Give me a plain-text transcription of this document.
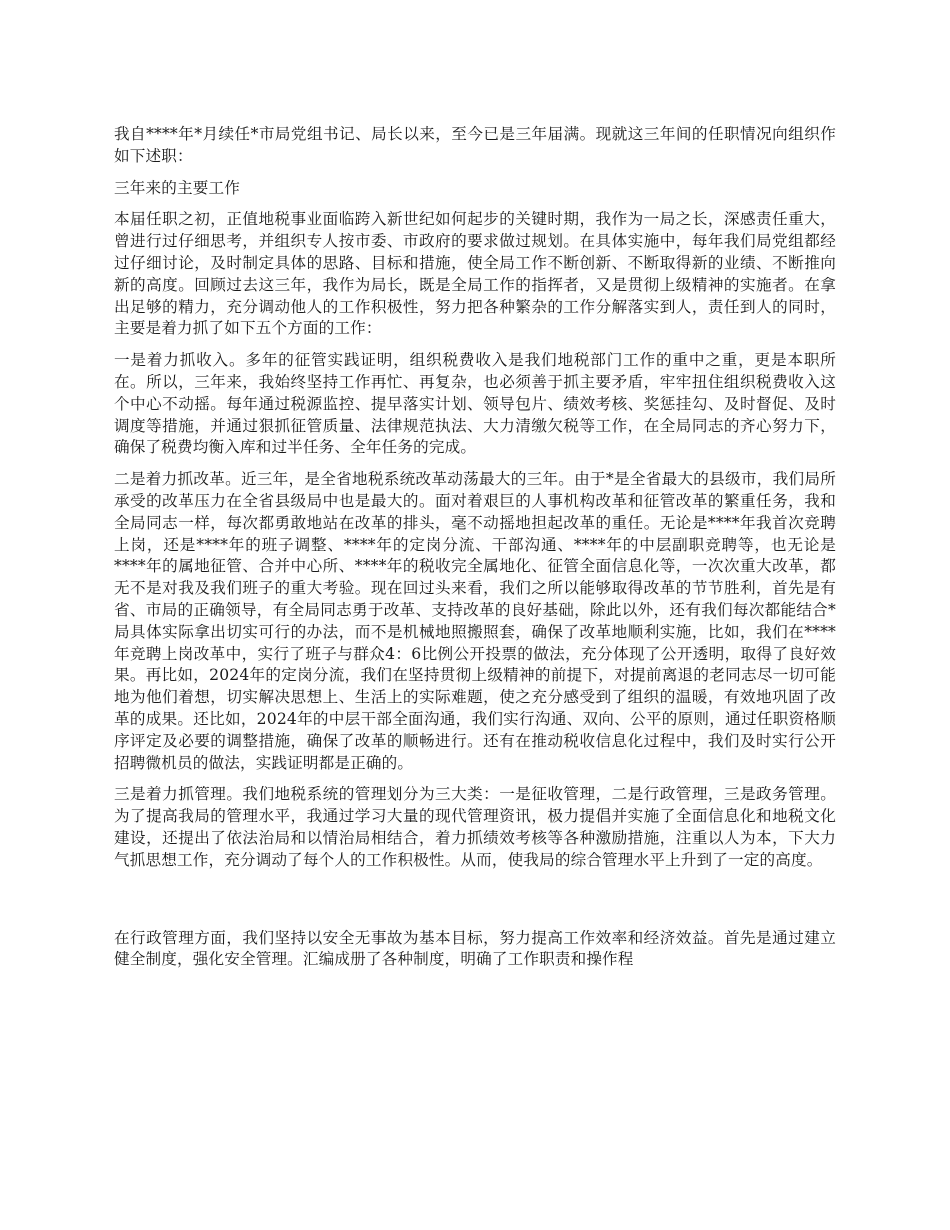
我自****年*月续任*市局党组书记、局长以来，至今已是三年届满。现就这三年间的任职情况向组织作如下述职：

三年来的主要工作

本届任职之初，正值地税事业面临跨入新世纪如何起步的关键时期，我作为一局之长，深感责任重大，曾进行过仔细思考，并组织专人按市委、市政府的要求做过规划。在具体实施中，每年我们局党组都经过仔细讨论，及时制定具体的思路、目标和措施，使全局工作不断创新、不断取得新的业绩、不断推向新的高度。回顾过去这三年，我作为局长，既是全局工作的指挥者，又是贯彻上级精神的实施者。在拿出足够的精力，充分调动他人的工作积极性，努力把各种繁杂的工作分解落实到人，责任到人的同时，主要是着力抓了如下五个方面的工作：

一是着力抓收入。多年的征管实践证明，组织税费收入是我们地税部门工作的重中之重，更是本职所在。所以，三年来，我始终坚持工作再忙、再复杂，也必须善于抓主要矛盾，牢牢扭住组织税费收入这个中心不动摇。每年通过税源监控、提早落实计划、领导包片、绩效考核、奖惩挂勾、及时督促、及时调度等措施，并通过狠抓征管质量、法律规范执法、大力清缴欠税等工作，在全局同志的齐心努力下，确保了税费均衡入库和过半任务、全年任务的完成。

二是着力抓改革。近三年，是全省地税系统改革动荡最大的三年。由于*是全省最大的县级市，我们局所承受的改革压力在全省县级局中也是最大的。面对着艰巨的人事机构改革和征管改革的繁重任务，我和全局同志一样，每次都勇敢地站在改革的排头，毫不动摇地担起改革的重任。无论是****年我首次竞聘上岗，还是****年的班子调整、****年的定岗分流、干部沟通、****年的中层副职竞聘等，也无论是****年的属地征管、合并中心所、****年的税收完全属地化、征管全面信息化等，一次次重大改革，都无不是对我及我们班子的重大考验。现在回过头来看，我们之所以能够取得改革的节节胜利，首先是有省、市局的正确领导，有全局同志勇于改革、支持改革的良好基础，除此以外，还有我们每次都能结合*局具体实际拿出切实可行的办法，而不是机械地照搬照套，确保了改革地顺利实施，比如，我们在****年竞聘上岗改革中，实行了班子与群众4：6比例公开投票的做法，充分体现了公开透明，取得了良好效果。再比如，2024年的定岗分流，我们在坚持贯彻上级精神的前提下，对提前离退的老同志尽一切可能地为他们着想，切实解决思想上、生活上的实际难题，使之充分感受到了组织的温暖，有效地巩固了改革的成果。还比如，2024年的中层干部全面沟通，我们实行沟通、双向、公平的原则，通过任职资格顺序评定及必要的调整措施，确保了改革的顺畅进行。还有在推动税收信息化过程中，我们及时实行公开招聘微机员的做法，实践证明都是正确的。

三是着力抓管理。我们地税系统的管理划分为三大类：一是征收管理，二是行政管理，三是政务管理。为了提高我局的管理水平，我通过学习大量的现代管理资讯，极力提倡并实施了全面信息化和地税文化建设，还提出了依法治局和以情治局相结合，着力抓绩效考核等各种激励措施，注重以人为本，下大力气抓思想工作，充分调动了每个人的工作积极性。从而，使我局的综合管理水平上升到了一定的高度。

在行政管理方面，我们坚持以安全无事故为基本目标，努力提高工作效率和经济效益。首先是通过建立健全制度，强化安全管理。汇编成册了各种制度，明确了工作职责和操作程
